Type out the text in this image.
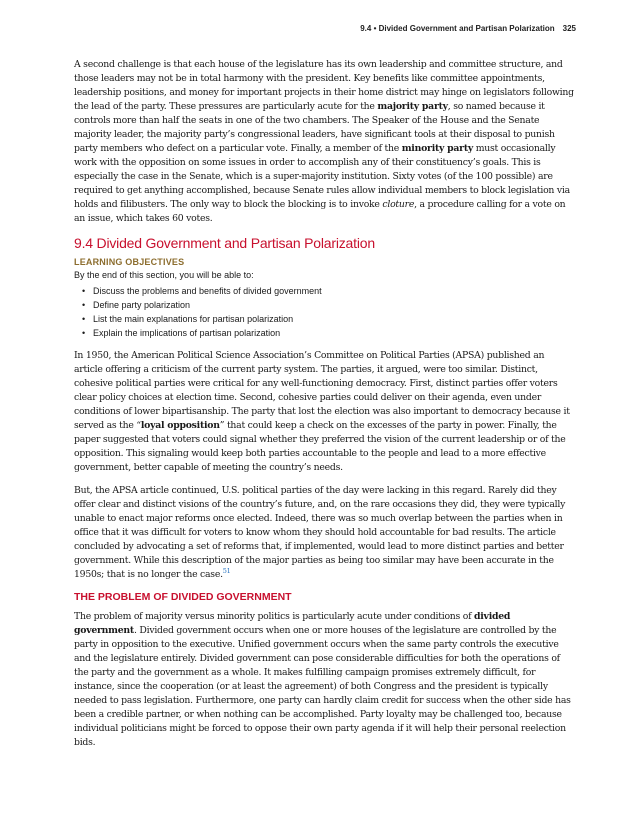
9.4 • Divided Government and Partisan Polarization 325

A second challenge is that each house of the legislature has its own leadership and committee structure, and those leaders may not be in total harmony with the president. Key benefits like committee appointments, leadership positions, and money for important projects in their home district may hinge on legislators following the lead of the party. These pressures are particularly acute for the majority party, so named because it controls more than half the seats in one of the two chambers. The Speaker of the House and the Senate majority leader, the majority party’s congressional leaders, have significant tools at their disposal to punish party members who defect on a particular vote. Finally, a member of the minority party must occasionally work with the opposition on some issues in order to accomplish any of their constituency’s goals. This is especially the case in the Senate, which is a super-majority institution. Sixty votes (of the 100 possible) are required to get anything accomplished, because Senate rules allow individual members to block legislation via holds and filibusters. The only way to block the blocking is to invoke cloture, a procedure calling for a vote on an issue, which takes 60 votes.

9.4 Divided Government and Partisan Polarization
LEARNING OBJECTIVES
By the end of this section, you will be able to:
• Discuss the problems and benefits of divided government
• Define party polarization
• List the main explanations for partisan polarization
• Explain the implications of partisan polarization

In 1950, the American Political Science Association’s Committee on Political Parties (APSA) published an article offering a criticism of the current party system. The parties, it argued, were too similar. Distinct, cohesive political parties were critical for any well-functioning democracy. First, distinct parties offer voters clear policy choices at election time. Second, cohesive parties could deliver on their agenda, even under conditions of lower bipartisanship. The party that lost the election was also important to democracy because it served as the “loyal opposition” that could keep a check on the excesses of the party in power. Finally, the paper suggested that voters could signal whether they preferred the vision of the current leadership or of the opposition. This signaling would keep both parties accountable to the people and lead to a more effective government, better capable of meeting the country’s needs.

But, the APSA article continued, U.S. political parties of the day were lacking in this regard. Rarely did they offer clear and distinct visions of the country’s future, and, on the rare occasions they did, they were typically unable to enact major reforms once elected. Indeed, there was so much overlap between the parties when in office that it was difficult for voters to know whom they should hold accountable for bad results. The article concluded by advocating a set of reforms that, if implemented, would lead to more distinct parties and better government. While this description of the major parties as being too similar may have been accurate in the 1950s; that is no longer the case.$^{51}$

THE PROBLEM OF DIVIDED GOVERNMENT

The problem of majority versus minority politics is particularly acute under conditions of divided government. Divided government occurs when one or more houses of the legislature are controlled by the party in opposition to the executive. Unified government occurs when the same party controls the executive and the legislature entirely. Divided government can pose considerable difficulties for both the operations of the party and the government as a whole. It makes fulfilling campaign promises extremely difficult, for instance, since the cooperation (or at least the agreement) of both Congress and the president is typically needed to pass legislation. Furthermore, one party can hardly claim credit for success when the other side has been a credible partner, or when nothing can be accomplished. Party loyalty may be challenged too, because individual politicians might be forced to oppose their own party agenda if it will help their personal reelection bids.
